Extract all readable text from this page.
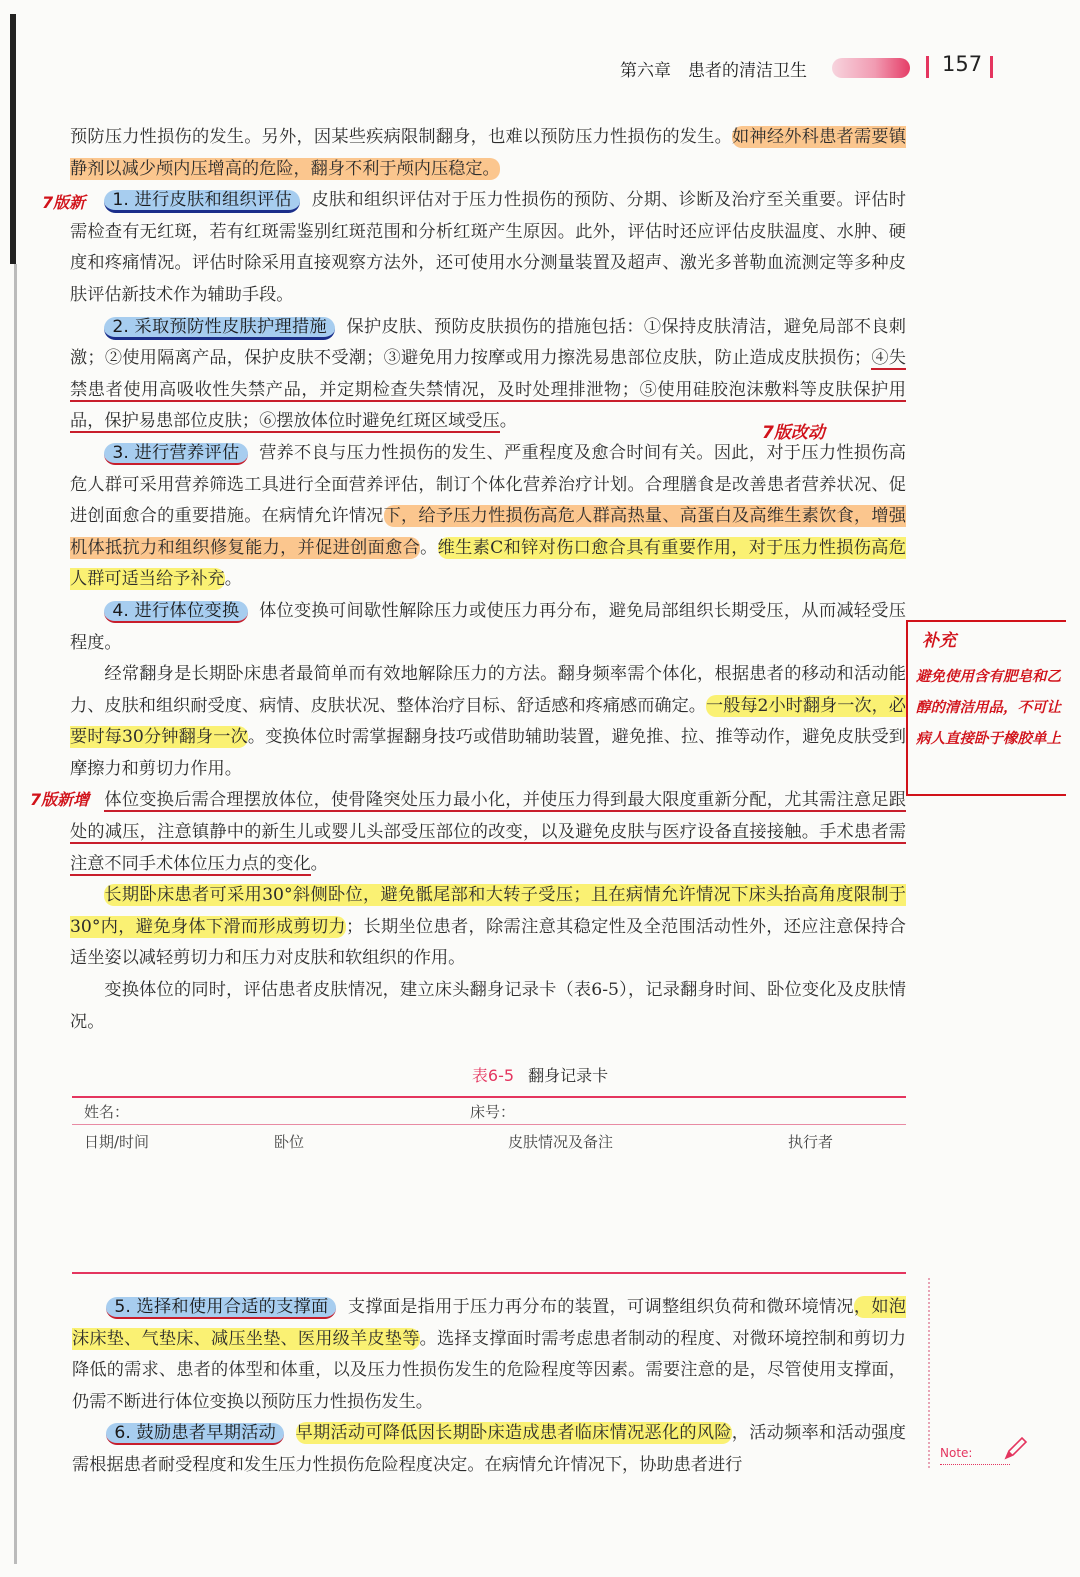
第六章　患者的清洁卫生	157

预防压力性损伤的发生。另外，因某些疾病限制翻身，也难以预防压力性损伤的发生。如神经外科患者需要镇静剂以减少颅内压增高的危险，翻身不利于颅内压稳定。

1. 进行皮肤和组织评估 皮肤和组织评估对于压力性损伤的预防、分期、诊断及治疗至关重要。评估时需检查有无红斑，若有红斑需鉴别红斑范围和分析红斑产生原因。此外，评估时还应评估皮肤温度、水肿、硬度和疼痛情况。评估时除采用直接观察方法外，还可使用水分测量装置及超声、激光多普勒血流测定等多种皮肤评估新技术作为辅助手段。

2. 采取预防性皮肤护理措施 保护皮肤、预防皮肤损伤的措施包括：①保持皮肤清洁，避免局部不良刺激；②使用隔离产品，保护皮肤不受潮；③避免用力按摩或用力擦洗易患部位皮肤，防止造成皮肤损伤；④失禁患者使用高吸收性失禁产品，并定期检查失禁情况，及时处理排泄物；⑤使用硅胶泡沫敷料等皮肤保护用品，保护易患部位皮肤；⑥摆放体位时避免红斑区域受压。

3. 进行营养评估 营养不良与压力性损伤的发生、严重程度及愈合时间有关。因此，对于压力性损伤高危人群可采用营养筛选工具进行全面营养评估，制订个体化营养治疗计划。合理膳食是改善患者营养状况、促进创面愈合的重要措施。在病情允许情况下，给予压力性损伤高危人群高热量、高蛋白及高维生素饮食，增强机体抵抗力和组织修复能力，并促进创面愈合。维生素C和锌对伤口愈合具有重要作用，对于压力性损伤高危人群可适当给予补充。

4. 进行体位变换 体位变换可间歇性解除压力或使压力再分布，避免局部组织长期受压，从而减轻受压程度。

经常翻身是长期卧床患者最简单而有效地解除压力的方法。翻身频率需个体化，根据患者的移动和活动能力、皮肤和组织耐受度、病情、皮肤状况、整体治疗目标、舒适感和疼痛感而确定。一般每2小时翻身一次，必要时每30分钟翻身一次。变换体位时需掌握翻身技巧或借助辅助装置，避免推、拉、推等动作，避免皮肤受到摩擦力和剪切力作用。

体位变换后需合理摆放体位，使骨隆突处压力最小化，并使压力得到最大限度重新分配，尤其需注意足跟处的减压，注意镇静中的新生儿或婴儿头部受压部位的改变，以及避免皮肤与医疗设备直接接触。手术患者需注意不同手术体位压力点的变化。

长期卧床患者可采用30°斜侧卧位，避免骶尾部和大转子受压；且在病情允许情况下床头抬高角度限制于30°内，避免身体下滑而形成剪切力；长期坐位患者，除需注意其稳定性及全范围活动性外，还应注意保持合适坐姿以减轻剪切力和压力对皮肤和软组织的作用。

变换体位的同时，评估患者皮肤情况，建立床头翻身记录卡（表6-5），记录翻身时间、卧位变化及皮肤情况。

7版新
7版改动
7版新增
补充
避免使用含有肥皂和乙醇的清洁用品，不可让病人直接卧于橡胶单上
表6-5 翻身记录卡
姓名：	床号：
日期/时间	卧位	皮肤情况及备注	执行者

5. 选择和使用合适的支撑面 支撑面是指用于压力再分布的装置，可调整组织负荷和微环境情况，如泡沫床垫、气垫床、减压坐垫、医用级羊皮垫等。选择支撑面时需考虑患者制动的程度、对微环境控制和剪切力降低的需求、患者的体型和体重，以及压力性损伤发生的危险程度等因素。需要注意的是，尽管使用支撑面，仍需不断进行体位变换以预防压力性损伤发生。

6. 鼓励患者早期活动 早期活动可降低因长期卧床造成患者临床情况恶化的风险，活动频率和活动强度需根据患者耐受程度和发生压力性损伤危险程度决定。在病情允许情况下，协助患者进行

Note:
